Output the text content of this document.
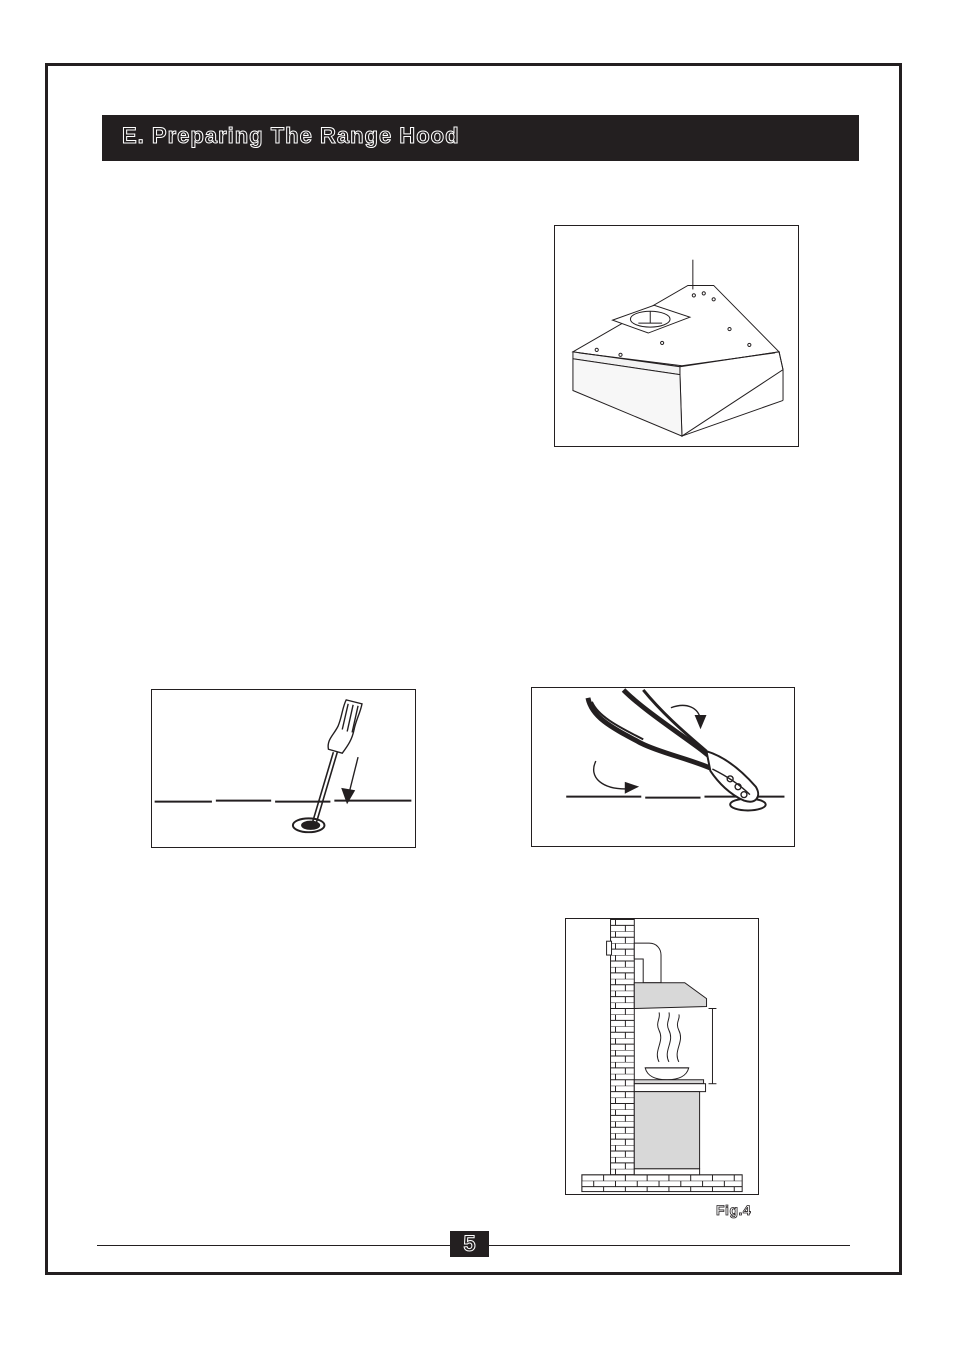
E. Preparing The Range Hood
Fig.4
5
